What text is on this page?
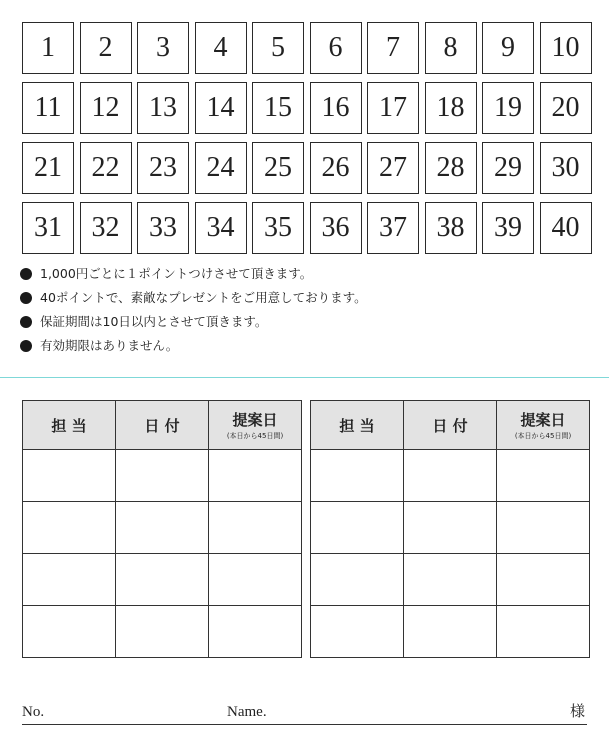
1	2	3	4	5	6	7	8	9	10
11	12	13	14	15	16	17	18	19	20
21	22	23	24	25	26	27	28	29	30
31	32	33	34	35	36	37	38	39	40
1,000円ごとに１ポイントつけさせて頂きます。
40ポイントで、素敵なプレゼントをご用意しております。
保証期間は10日以内とさせて頂きます。
有効期限はありません。
担 当	日 付	提案日
(本日から45日間)

担 当	日 付	提案日
(本日から45日間)

No.	Name.	様
